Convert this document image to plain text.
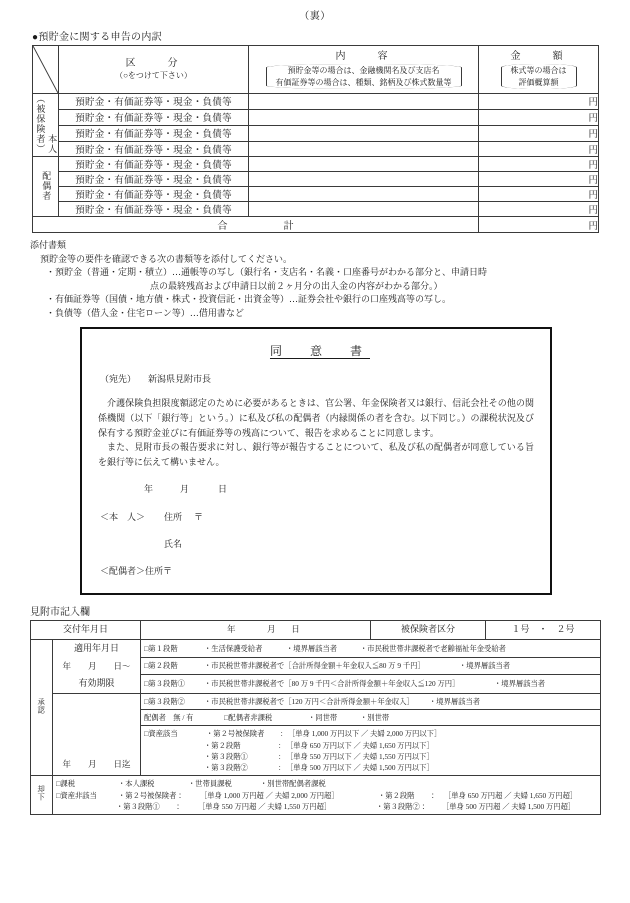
（裏）
●預貯金に関する申告の内訳

区　　分
（○をつけて下さい）

内　　容
預貯金等の場合は、金融機関名及び支店名
有価証券等の場合は、種類、銘柄及び株式数量等

金　　額
株式等の場合は
評価概算額

（被保険者） 本人	預貯金・有価証券等・現金・負債等		円
	預貯金・有価証券等・現金・負債等		円
	預貯金・有価証券等・現金・負債等		円
	預貯金・有価証券等・現金・負債等		円
配偶者	預貯金・有価証券等・現金・負債等		円
	預貯金・有価証券等・現金・負債等		円
	預貯金・有価証券等・現金・負債等		円
	預貯金・有価証券等・現金・負債等		円
合　　計			円
添付書類
預貯金等の要件を確認できる次の書類等を添付してください。
・預貯金（普通・定期・積立）…通帳等の写し（銀行名・支店名・名義・口座番号がわかる部分と、申請日時
点の最終残高および申請日以前２ヶ月分の出入金の内容がわかる部分。）
・有価証券等（国債・地方債・株式・投資信託・出資金等）…証券会社や銀行の口座残高等の写し。
・負債等（借入金・住宅ローン等）…借用書など
同　意　書
（宛先） 新潟県見附市長

介護保険負担限度額認定のために必要があるときは、官公署、年金保険者又は銀行、信託会社その他の関係機関（以下「銀行等」という。）に私及び私の配偶者（内縁関係の者を含む。以下同じ。）の課税状況及び保有する預貯金並びに有価証券等の残高について、報告を求めることに同意します。

また、見附市長の報告要求に対し、銀行等が報告することについて、私及び私の配偶者が同意している旨を銀行等に伝えて構いません。

年	月	日
＜本　人＞ 住所 〒
氏名
＜配偶者＞住所〒
見附市記入欄
交付年月日		年 月 日	被保険者区分	１号　・　２号
承認	適用年月日	□第１段階 ・生活保護受給者 ・境界層該当者 ・市民税世帯非課税者で老齢福祉年金受給者		
	年　　月　　日〜	□第２段階 ・市民税世帯非課税者で［合計所得金額＋年金収入≦80 万 9 千円］ ・境界層該当者		
	有効期限	□第３段階① ・市民税世帯非課税者で［80 万 9 千円＜合計所得金額＋年金収入≦120 万円］ ・境界層該当者		
	年　　月　　日迄	□第３段階② ・市民税世帯非課税者で［120 万円＜合計所得金額＋年金収入］ ・境界層該当者		
		配偶者　無 / 有 □配偶者非課税 ・同世帯 ・別世帯		

		□資産該当 ・第２号被保険者 ：［単身 1,000 万円以下 ／ 夫婦 2,000 万円以下］
・第２段階 ：［単身 650 万円以下 ／ 夫婦 1,650 万円以下］
・第３段階① ：［単身 550 万円以下 ／ 夫婦 1,550 万円以下］
・第３段階② ：［単身 500 万円以下 ／ 夫婦 1,500 万円以下］		

却下	□課税 ・本人課税 ・世帯員課税 ・別世帯配偶者課税
□資産非該当 ・第２号被保険者： ［単身 1,000 万円超 ／ 夫婦 2,000 万円超］ ・第２段階　　： ［単身 650 万円超 ／ 夫婦 1,650 万円超］
・第３段階①　　： ［単身 550 万円超 ／ 夫婦 1,550 万円超］ ・第３段階②： ［単身 500 万円超 ／ 夫婦 1,500 万円超］			
